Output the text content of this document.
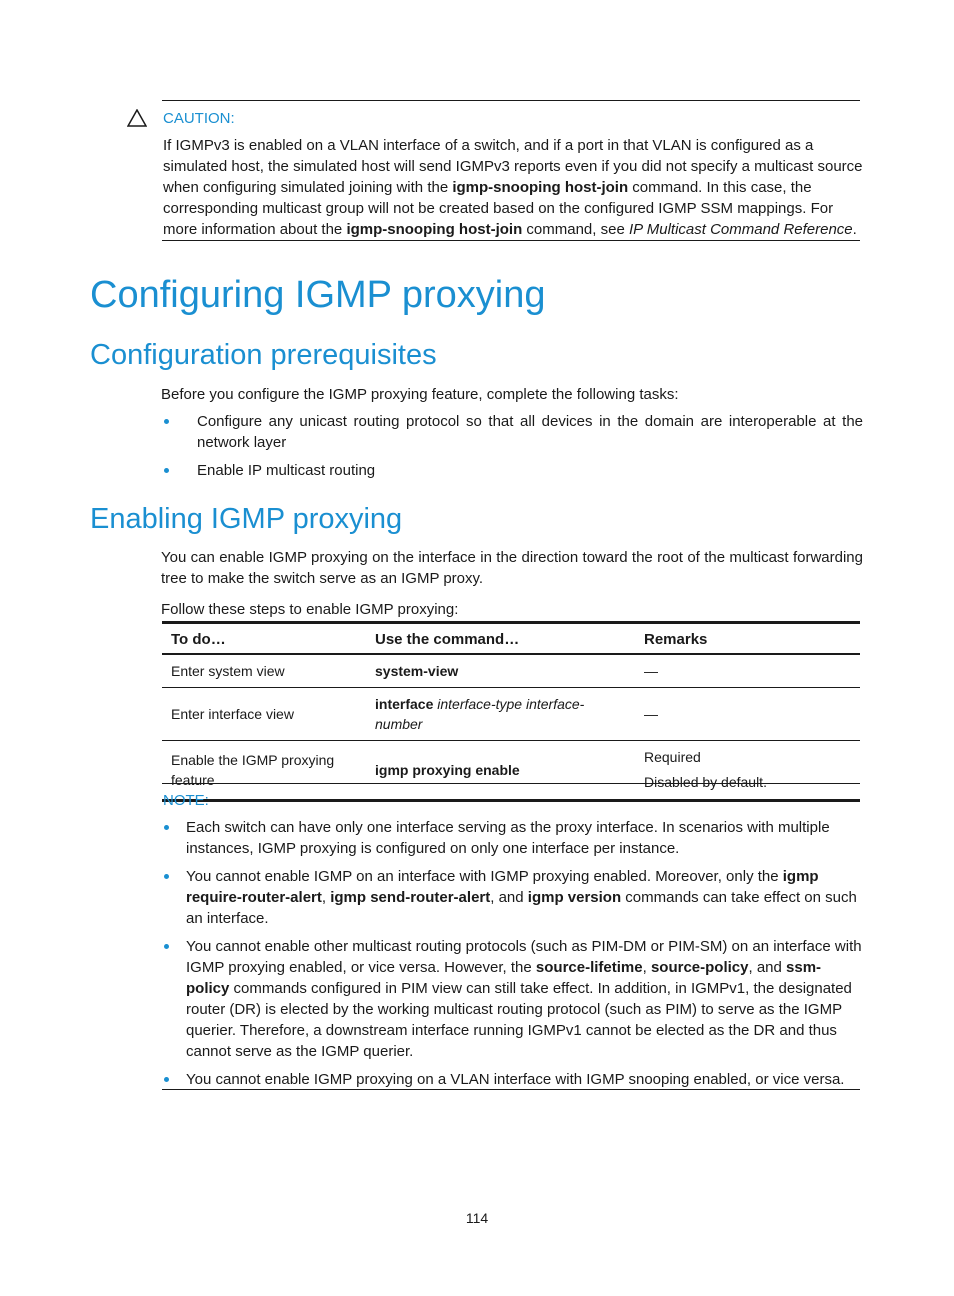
CAUTION:

If IGMPv3 is enabled on a VLAN interface of a switch, and if a port in that VLAN is configured as a simulated host, the simulated host will send IGMPv3 reports even if you did not specify a multicast source when configuring simulated joining with the igmp-snooping host-join command. In this case, the corresponding multicast group will not be created based on the configured IGMP SSM mappings. For more information about the igmp-snooping host-join command, see IP Multicast Command Reference.

Configuring IGMP proxying
Configuration prerequisites

Before you configure the IGMP proxying feature, complete the following tasks:

Configure any unicast routing protocol so that all devices in the domain are interoperable at the network layer

Enable IP multicast routing

Enabling IGMP proxying

You can enable IGMP proxying on the interface in the direction toward the root of the multicast forwarding tree to make the switch serve as an IGMP proxy.

Follow these steps to enable IGMP proxying:

To do…	Use the command…	Remarks
Enter system view	system-view	—
Enter interface view	interface interface-type interface-number	—
Enable the IGMP proxying feature	igmp proxying enable	Required
Disabled by default.
NOTE:

Each switch can have only one interface serving as the proxy interface. In scenarios with multiple instances, IGMP proxying is configured on only one interface per instance.

You cannot enable IGMP on an interface with IGMP proxying enabled. Moreover, only the igmp require-router-alert, igmp send-router-alert, and igmp version commands can take effect on such an interface.

You cannot enable other multicast routing protocols (such as PIM-DM or PIM-SM) on an interface with IGMP proxying enabled, or vice versa. However, the source-lifetime, source-policy, and ssm-policy commands configured in PIM view can still take effect. In addition, in IGMPv1, the designated router (DR) is elected by the working multicast routing protocol (such as PIM) to serve as the IGMP querier. Therefore, a downstream interface running IGMPv1 cannot be elected as the DR and thus cannot serve as the IGMP querier.

You cannot enable IGMP proxying on a VLAN interface with IGMP snooping enabled, or vice versa.

114
